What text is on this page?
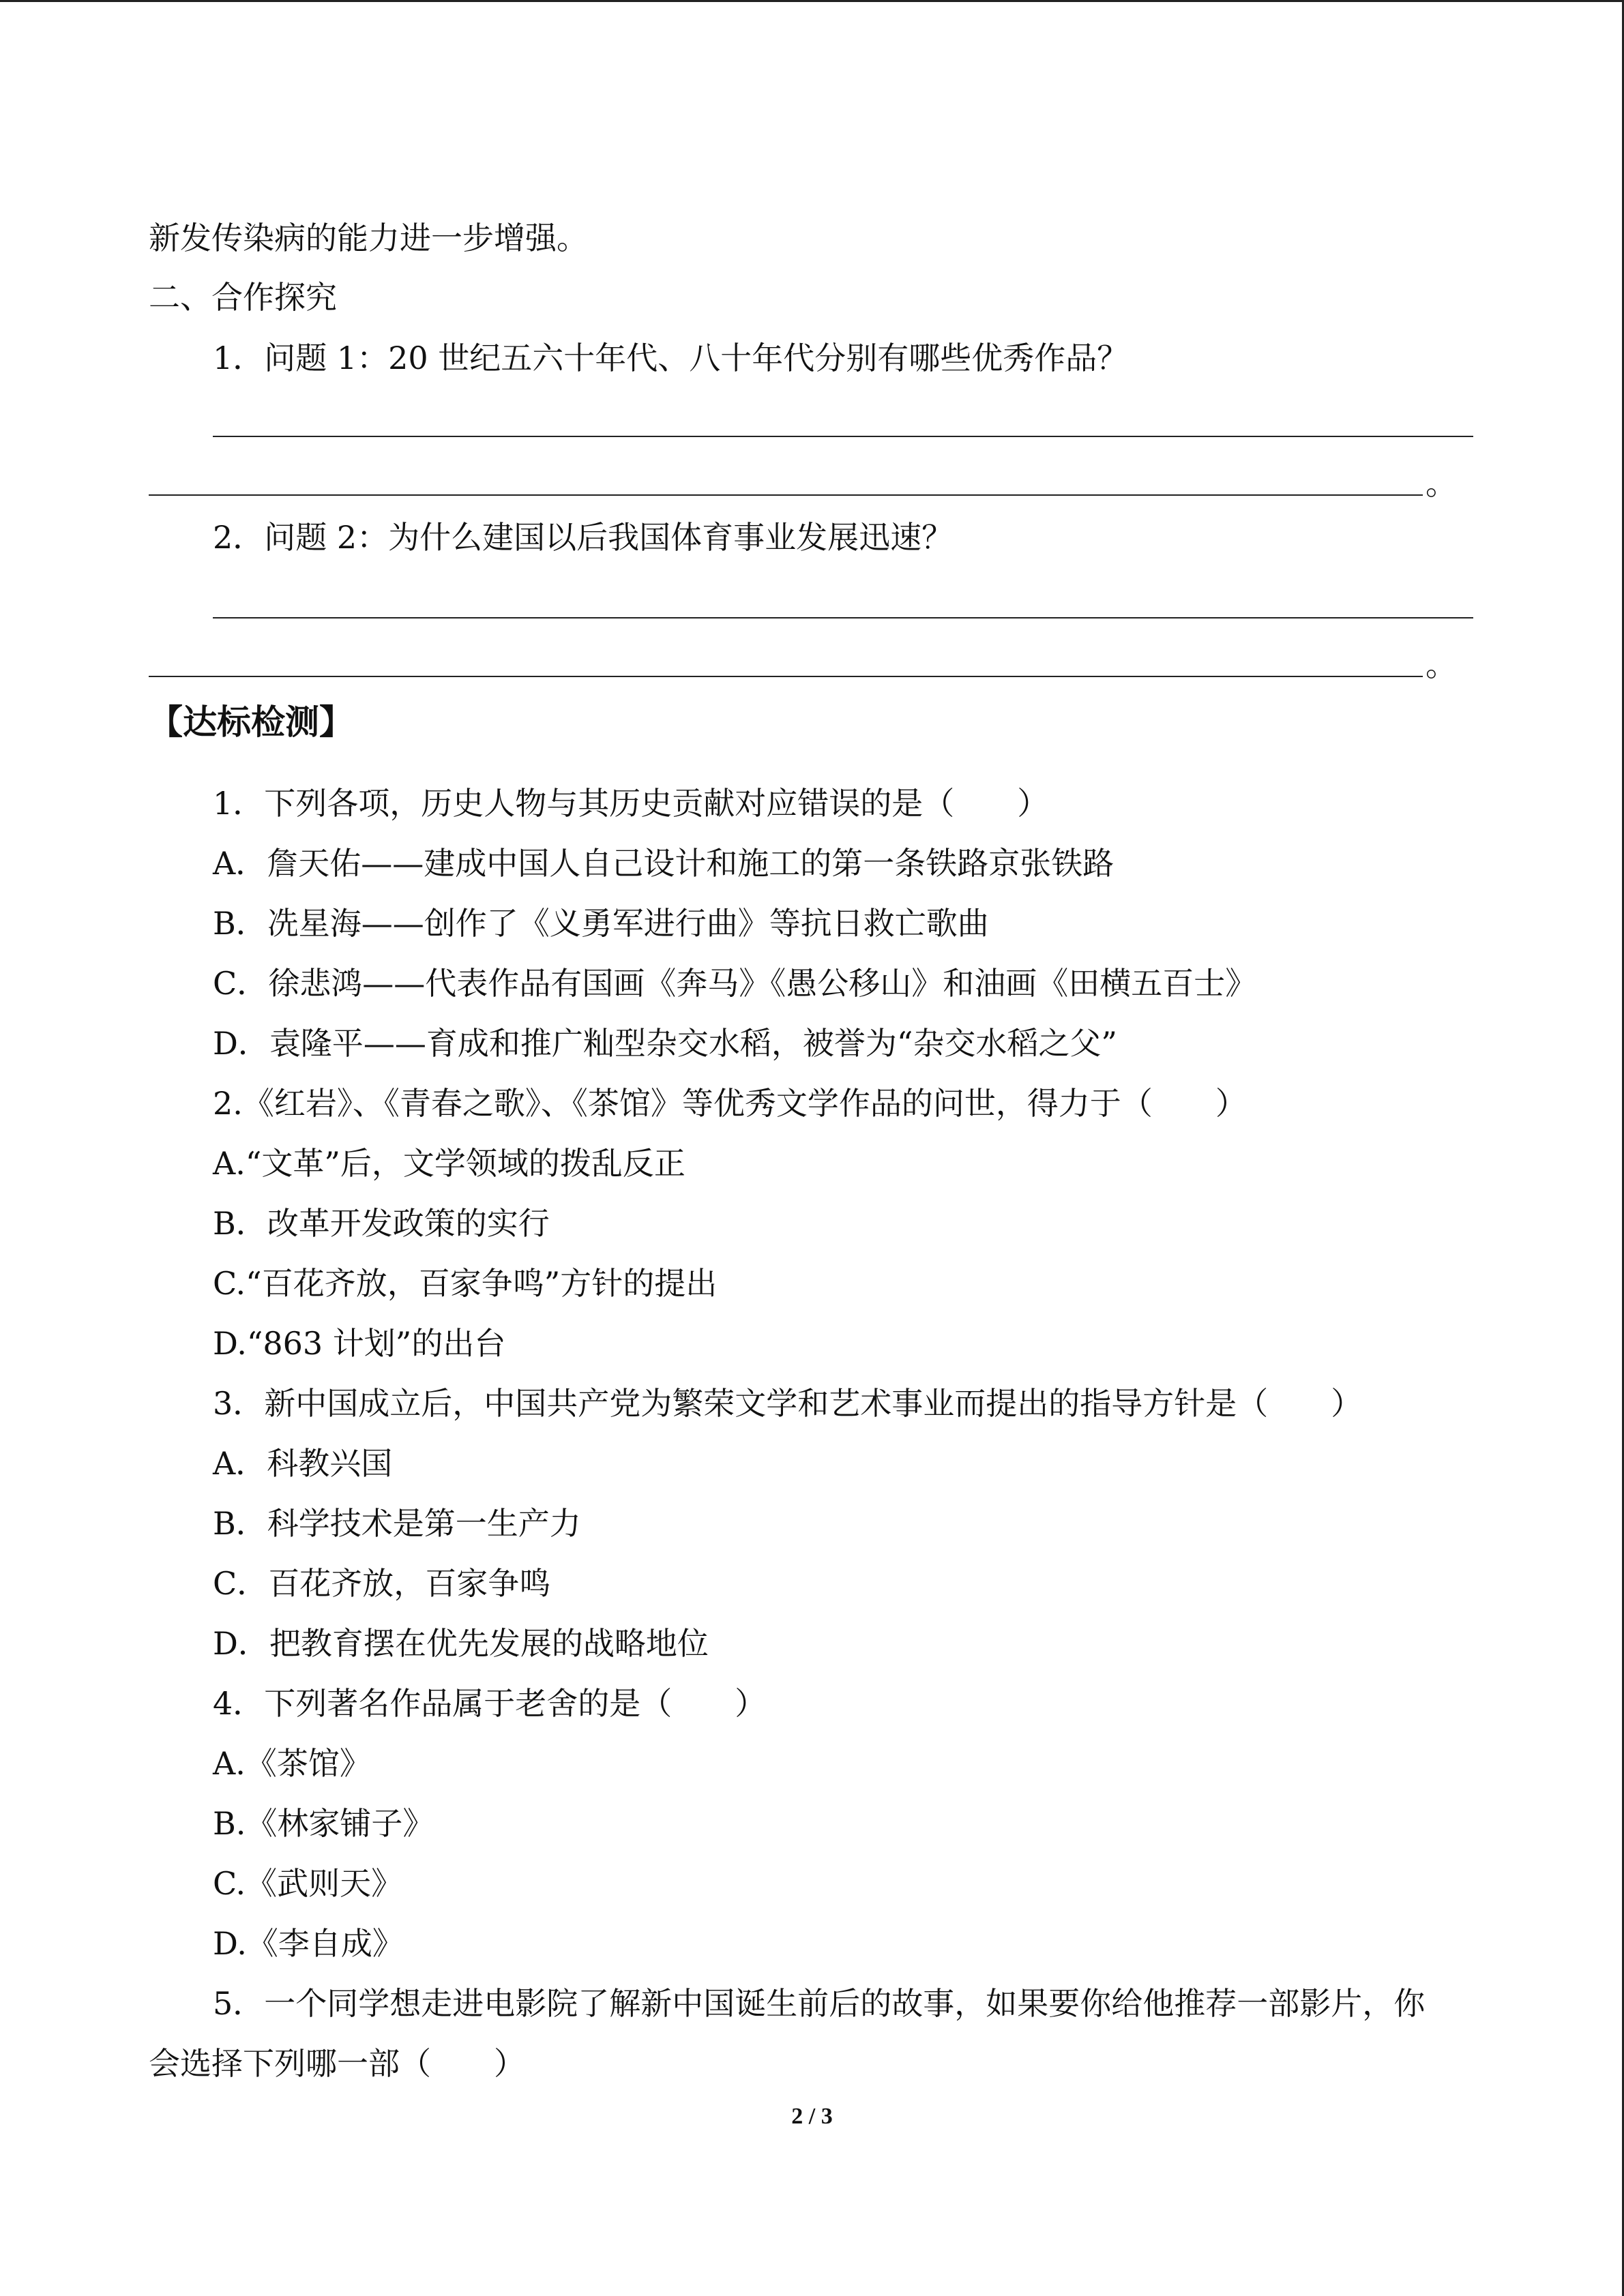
新发传染病的能力进一步增强。
二、合作探究
1．问题 1：20 世纪五六十年代、八十年代分别有哪些优秀作品？
。
2．问题 2：为什么建国以后我国体育事业发展迅速？
。
【达标检测】
1．下列各项，历史人物与其历史贡献对应错误的是（　　）
A．詹天佑——建成中国人自己设计和施工的第一条铁路京张铁路
B．冼星海——创作了《义勇军进行曲》等抗日救亡歌曲
C．徐悲鸿——代表作品有国画《奔马》《愚公移山》和油画《田横五百士》
D．袁隆平——育成和推广籼型杂交水稻，被誉为“杂交水稻之父”
2.《红岩》、《青春之歌》、《茶馆》等优秀文学作品的问世，得力于（　　）
A.“文革”后，文学领域的拨乱反正
B．改革开发政策的实行
C.“百花齐放，百家争鸣”方针的提出
D.“863 计划”的出台
3．新中国成立后，中国共产党为繁荣文学和艺术事业而提出的指导方针是（　　）
A．科教兴国
B．科学技术是第一生产力
C．百花齐放，百家争鸣
D．把教育摆在优先发展的战略地位
4．下列著名作品属于老舍的是（　　）
A.《茶馆》
B.《林家铺子》
C.《武则天》
D.《李自成》
5．一个同学想走进电影院了解新中国诞生前后的故事，如果要你给他推荐一部影片，你
会选择下列哪一部（　　）
2 / 3
